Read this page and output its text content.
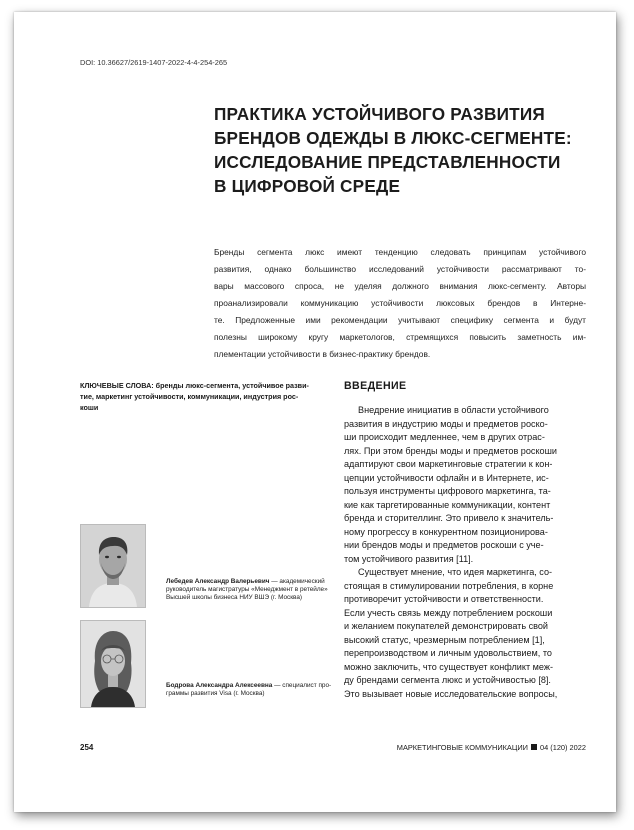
DOI: 10.36627/2619-1407-2022-4-4-254-265
ПРАКТИКА УСТОЙЧИВОГО РАЗВИТИЯ
БРЕНДОВ ОДЕЖДЫ В ЛЮКС-СЕГМЕНТЕ:
ИССЛЕДОВАНИЕ ПРЕДСТАВЛЕННОСТИ
В ЦИФРОВОЙ СРЕДЕ

Бренды сегмента люкс имеют тенденцию следовать принципам устойчивого
развития, однако большинство исследований устойчивости рассматривают то-
вары массового спроса, не уделяя должного внимания люкс-сегменту. Авторы
проанализировали коммуникацию устойчивости люксовых брендов в Интерне-
те. Предложенные ими рекомендации учитывают специфику сегмента и будут
полезны широкому кругу маркетологов, стремящихся повысить заметность им-
плементации устойчивости в бизнес-практику брендов.

КЛЮЧЕВЫЕ СЛОВА: бренды люкс-сегмента, устойчивое разви-
тие, маркетинг устойчивости, коммуникации, индустрия рос-
коши
ВВЕДЕНИЕ
Внедрение инициатив в области устойчивого
развития в индустрию моды и предметов роско-
ши происходит медленнее, чем в других отрас-
лях. При этом бренды моды и предметов роскоши
адаптируют свои маркетинговые стратегии к кон-
цепции устойчивости офлайн и в Интернете, ис-
пользуя инструменты цифрового маркетинга, та-
кие как таргетированные коммуникации, контент
бренда и сторителлинг. Это привело к значитель-
ному прогрессу в конкурентном позиционирова-
нии брендов моды и предметов роскоши с уче-
том устойчивого развития [11].
Существует мнение, что идея маркетинга, со-
стоящая в стимулировании потребления, в корне
противоречит устойчивости и ответственности.
Если учесть связь между потреблением роскоши
и желанием покупателей демонстрировать свой
высокий статус, чрезмерным потреблением [1],
перепроизводством и личным удовольствием, то
можно заключить, что существует конфликт меж-
ду брендами сегмента люкс и устойчивостью [8].
Это вызывает новые исследовательские вопросы,
Лебедев Александр Валерьевич — академический
руководитель магистратуры «Менеджмент в ретейле»
Высшей школы бизнеса НИУ ВШЭ (г. Москва)
Бодрова Александра Алексеевна — специалист про-
граммы развития Visa (г. Москва)
254	МАРКЕТИНГОВЫЕ КОММУНИКАЦИИ 04 (120) 2022
